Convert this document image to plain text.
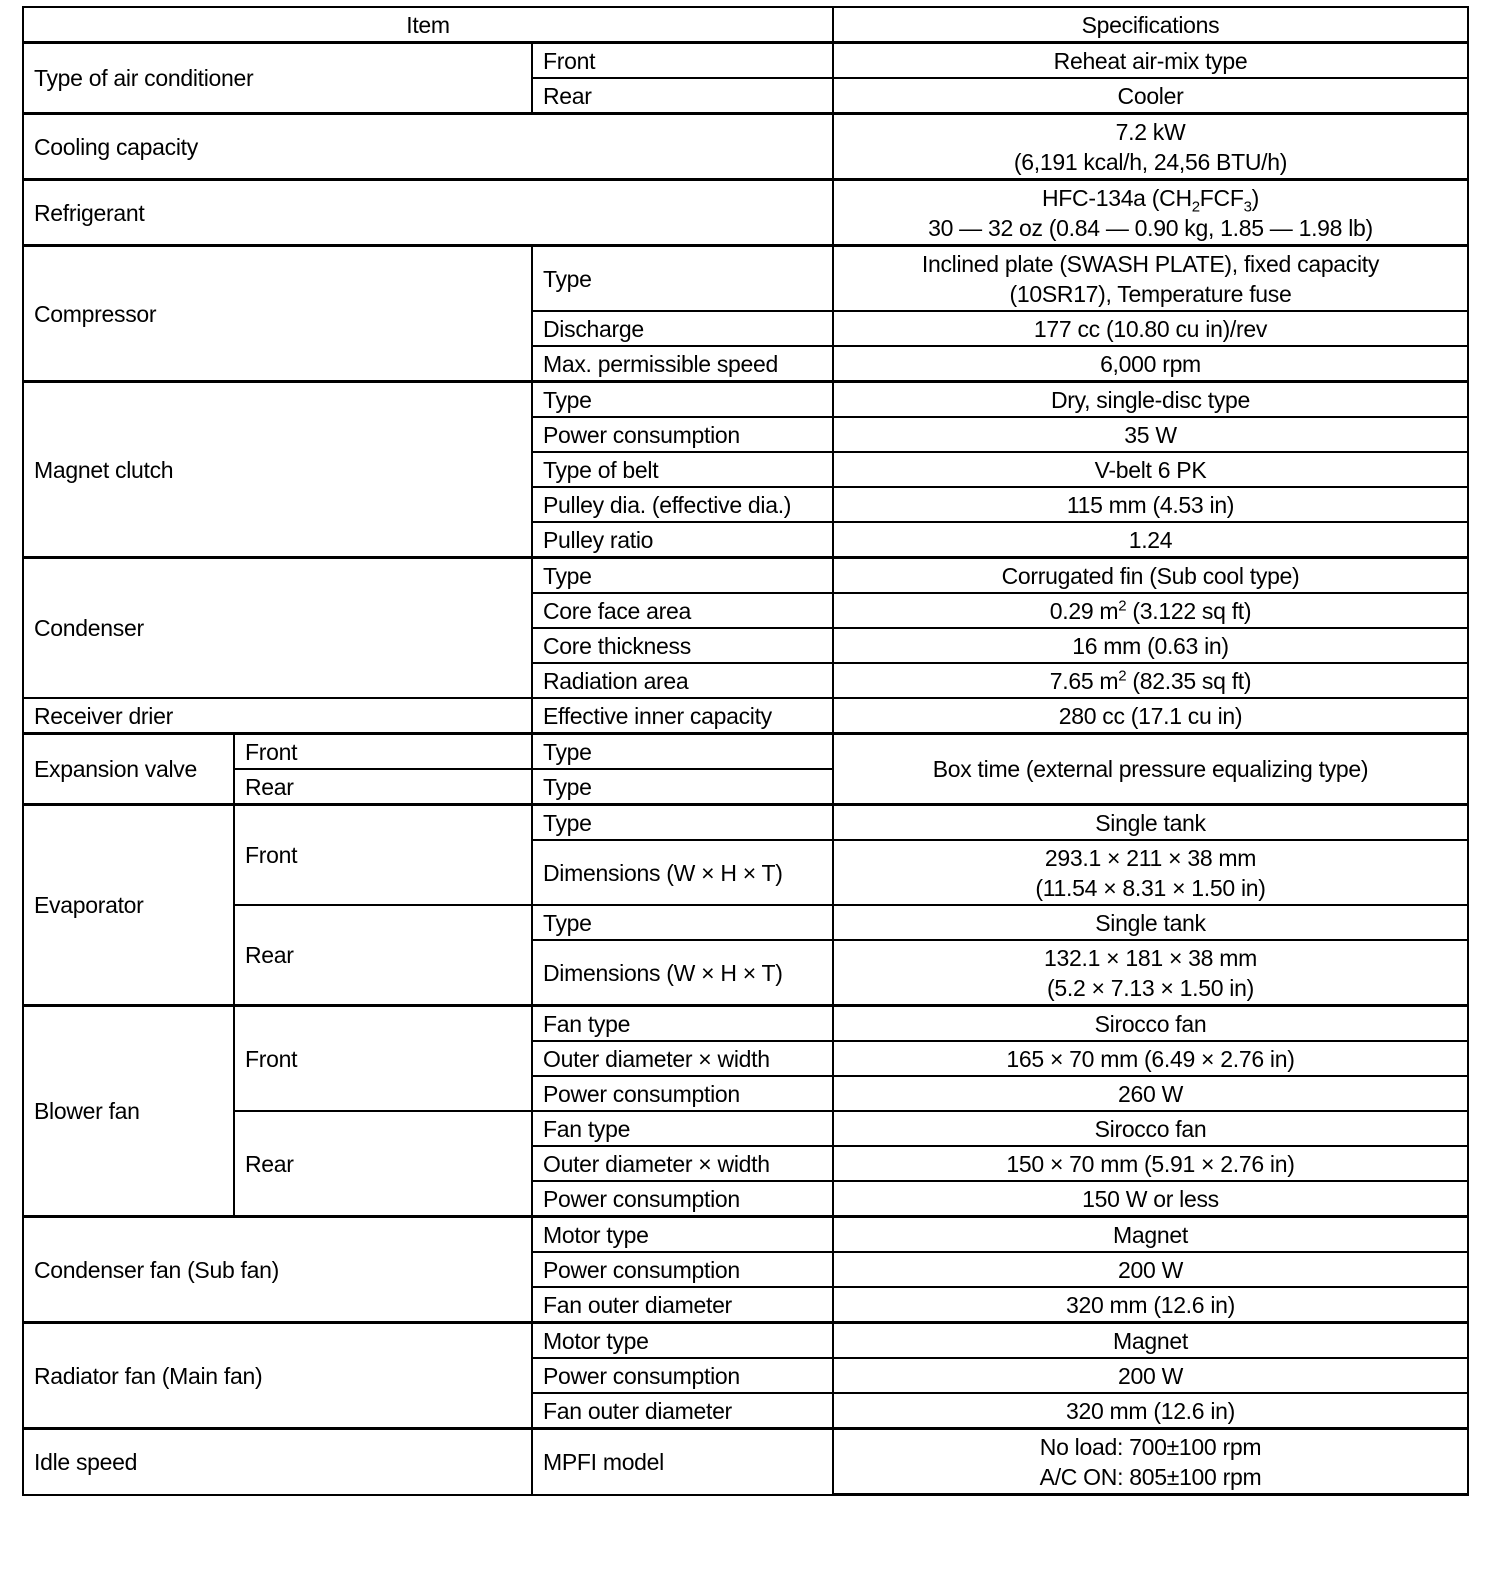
Item			Specifications
Type of air conditioner		Front	Reheat air-mix type
		Rear	Cooler
Cooling capacity			7.2 kW
(6,191 kcal/h, 24,56 BTU/h)

Refrigerant			HFC-134a $(CH_2FCF_3)$
30 — 32 oz (0.84 — 0.90 kg, 1.85 — 1.98 lb)

Compressor		Type	Inclined plate (SWASH PLATE), fixed capacity
(10SR17), Temperature fuse

		Discharge	177 cc (10.80 cu in)/rev
		Max. permissible speed	6,000 rpm
Magnet clutch		Type	Dry, single-disc type
		Power consumption	35 W
		Type of belt	V-belt 6 PK
		Pulley dia. (effective dia.)	115 mm (4.53 in)
		Pulley ratio	1.24
Condenser		Type	Corrugated fin (Sub cool type)
		Core face area	0.29 $m^2$ (3.122 sq ft)
		Core thickness	16 mm (0.63 in)
		Radiation area	7.65 $m^2$ (82.35 sq ft)
Receiver drier		Effective inner capacity	280 cc (17.1 cu in)
Expansion valve	Front	Type	Box time (external pressure equalizing type)
	Rear	Type	
Evaporator	Front	Type	Single tank
		Dimensions (W × H × T)	293.1 × 211 × 38 mm
(11.54 × 8.31 × 1.50 in)

	Rear	Type	Single tank
		Dimensions (W × H × T)	132.1 × 181 × 38 mm
(5.2 × 7.13 × 1.50 in)

Blower fan	Front	Fan type	Sirocco fan
		Outer diameter × width	165 × 70 mm (6.49 × 2.76 in)
		Power consumption	260 W
	Rear	Fan type	Sirocco fan
		Outer diameter × width	150 × 70 mm (5.91 × 2.76 in)
		Power consumption	150 W or less
Condenser fan (Sub fan)		Motor type	Magnet
		Power consumption	200 W
		Fan outer diameter	320 mm (12.6 in)
Radiator fan (Main fan)		Motor type	Magnet
		Power consumption	200 W
		Fan outer diameter	320 mm (12.6 in)
Idle speed		MPFI model	No load: 700±100 rpm
A/C ON: 805±100 rpm
